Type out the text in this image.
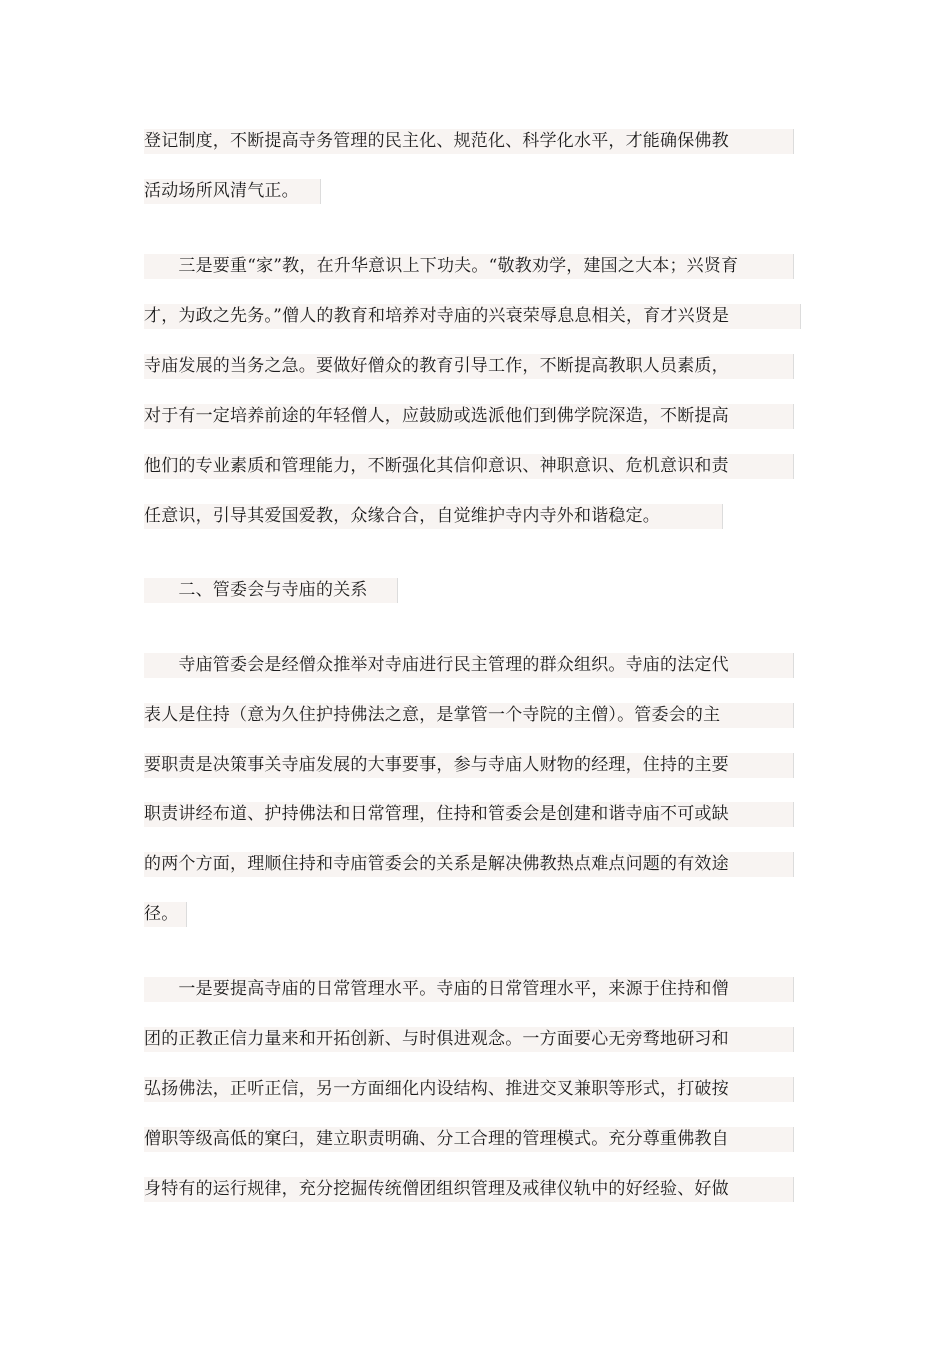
登记制度，不断提高寺务管理的民主化、规范化、科学化水平，才能确保佛教
活动场所风清气正。
　　三是要重“家”教，在升华意识上下功夫。“敬教劝学，建国之大本；兴贤育
才，为政之先务。”僧人的教育和培养对寺庙的兴衰荣辱息息相关，育才兴贤是
寺庙发展的当务之急。要做好僧众的教育引导工作，不断提高教职人员素质，
对于有一定培养前途的年轻僧人，应鼓励或选派他们到佛学院深造，不断提高
他们的专业素质和管理能力，不断强化其信仰意识、神职意识、危机意识和责
任意识，引导其爱国爱教，众缘合合，自觉维护寺内寺外和谐稳定。
　　二、管委会与寺庙的关系
　　寺庙管委会是经僧众推举对寺庙进行民主管理的群众组织。寺庙的法定代
表人是住持（意为久住护持佛法之意，是掌管一个寺院的主僧）。管委会的主
要职责是决策事关寺庙发展的大事要事，参与寺庙人财物的经理，住持的主要
职责讲经布道、护持佛法和日常管理，住持和管委会是创建和谐寺庙不可或缺
的两个方面，理顺住持和寺庙管委会的关系是解决佛教热点难点问题的有效途
径。
　　一是要提高寺庙的日常管理水平。寺庙的日常管理水平，来源于住持和僧
团的正教正信力量来和开拓创新、与时俱进观念。一方面要心无旁骛地研习和
弘扬佛法，正听正信，另一方面细化内设结构、推进交叉兼职等形式，打破按
僧职等级高低的窠臼，建立职责明确、分工合理的管理模式。充分尊重佛教自
身特有的运行规律，充分挖掘传统僧团组织管理及戒律仪轨中的好经验、好做
